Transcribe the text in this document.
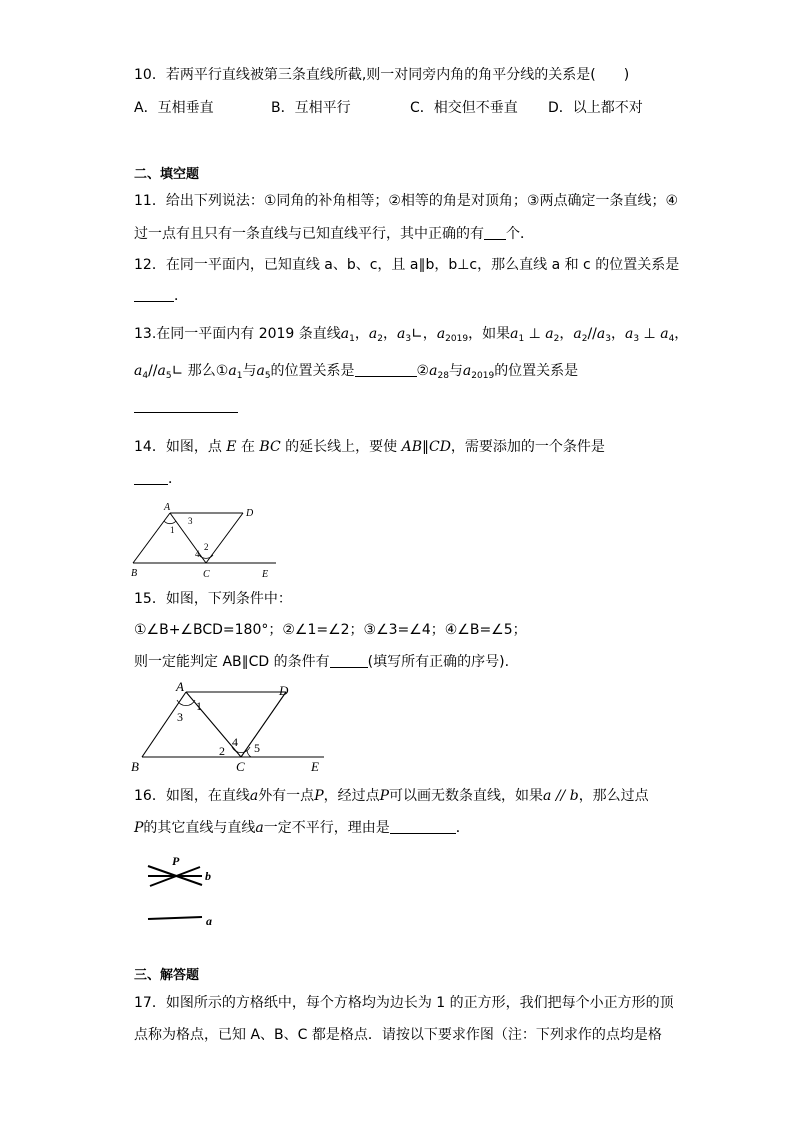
10．若两平行直线被第三条直线所截,则一对同旁内角的角平分线的关系是(　　)
A．互相垂直	B．互相平行	C．相交但不垂直 D．以上都不对
二、填空题
11．给出下列说法：①同角的补角相等；②相等的角是对顶角；③两点确定一条直线；④
过一点有且只有一条直线与已知直线平行，其中正确的有 个．
12．在同一平面内，已知直线 a、b、c，且 a∥b，b⊥c，那么直线 a 和 c 的位置关系是
．
13.在同一平面内有 2019 条直线$a_1$，$a_2$，$a_3∟$，$a_{2019}$，如果$a_1$ ⊥ $a_2$，$a_2//a_3$，$a_3$ ⊥ $a_4$，
$a_4//a_5∟$ 那么$①a_1$与$a_5$的位置关系是	$②a_{28}$与$a_{2019}$的位置关系是
14．如图，点 E 在 BC 的延长线上，要使 AB∥CD，需要添加的一个条件是
．
A
D
B	C	E
1
3
4
2
15．如图，下列条件中：
①∠B+∠BCD=180°；②∠1=∠2；③∠3=∠4；④∠B=∠5；
则一定能判定 AB∥CD 的条件有	(填写所有正确的序号).
A	D
B	C	E
1
3
2
4 5
16．如图，在直线a外有一点P，经过点P可以画无数条直线，如果a // b，那么过点
P的其它直线与直线a一定不平行，理由是	．
P
b
a
三、解答题
17．如图所示的方格纸中，每个方格均为边长为 1 的正方形，我们把每个小正方形的顶
点称为格点，已知 A、B、C 都是格点．请按以下要求作图（注：下列求作的点均是格
